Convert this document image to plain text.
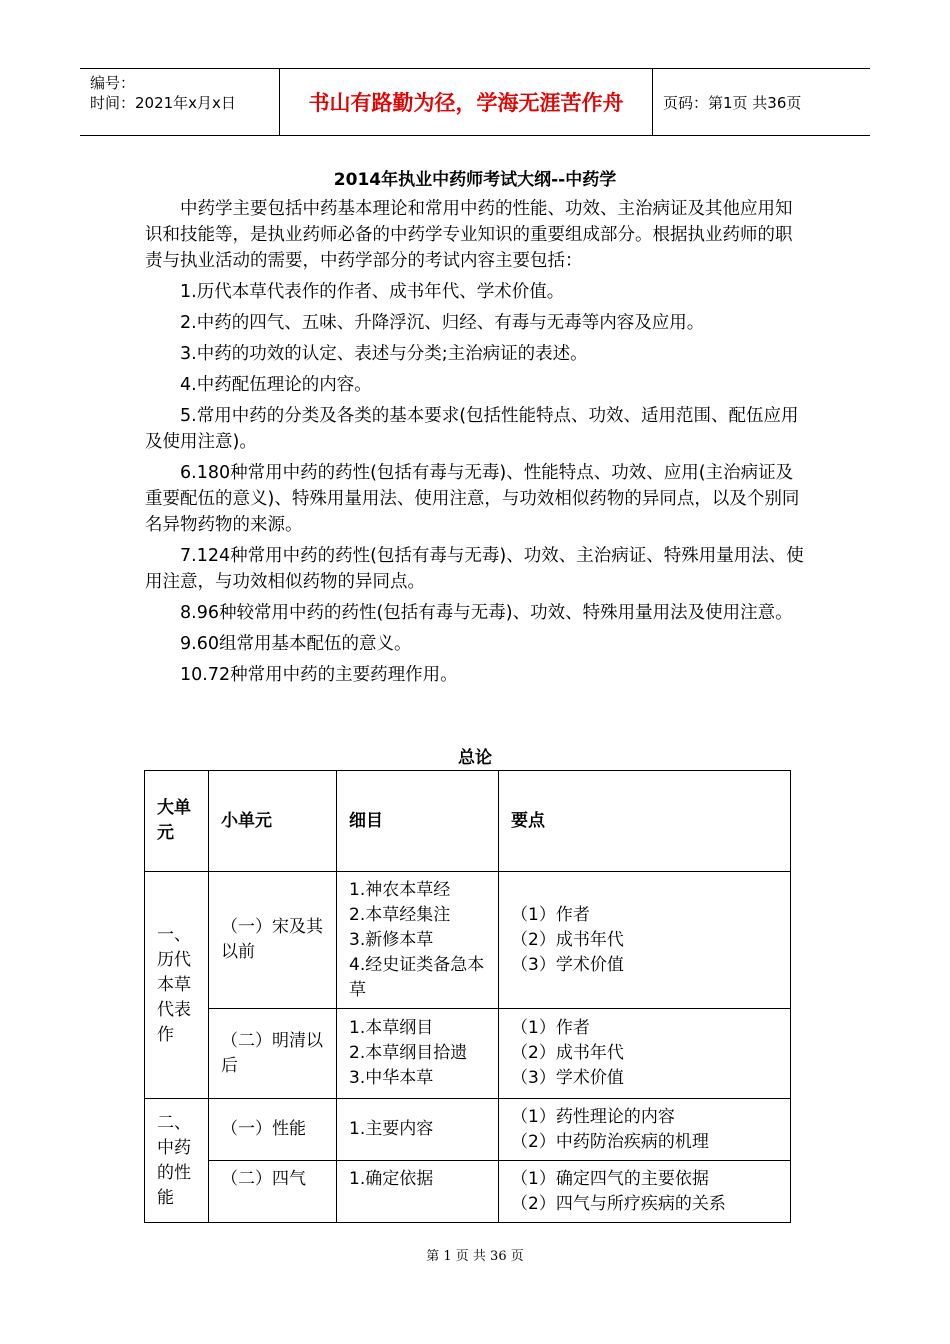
编号：
时间：2021年x月x日	书山有路勤为径，学海无涯苦作舟	页码：第1页 共36页
2014年执业中药师考试大纲--中药学

中药学主要包括中药基本理论和常用中药的性能、功效、主治病证及其他应用知识和技能等，是执业药师必备的中药学专业知识的重要组成部分。根据执业药师的职责与执业活动的需要，中药学部分的考试内容主要包括：

1.历代本草代表作的作者、成书年代、学术价值。

2.中药的四气、五味、升降浮沉、归经、有毒与无毒等内容及应用。

3.中药的功效的认定、表述与分类;主治病证的表述。

4.中药配伍理论的内容。

5.常用中药的分类及各类的基本要求(包括性能特点、功效、适用范围、配伍应用及使用注意)。

6.180种常用中药的药性(包括有毒与无毒)、性能特点、功效、应用(主治病证及重要配伍的意义)、特殊用量用法、使用注意，与功效相似药物的异同点，以及个别同名异物药物的来源。

7.124种常用中药的药性(包括有毒与无毒)、功效、主治病证、特殊用量用法、使用注意，与功效相似药物的异同点。

8.96种较常用中药的药性(包括有毒与无毒)、功效、特殊用量用法及使用注意。

9.60组常用基本配伍的意义。

10.72种常用中药的主要药理作用。

总论
大单元	小单元	细目	要点
一、历代本草代表作	（一）宋及其以前	1.神农本草经
2.本草经集注
3.新修本草
4.经史证类备急本草	（1）作者
（2）成书年代
（3）学术价值

	（二）明清以后	1.本草纲目
2.本草纲目拾遗
3.中华本草	（1）作者
（2）成书年代
（3）学术价值

二、中药的性能	（一）性能	1.主要内容	（1）药性理论的内容
（2）中药防治疾病的机理

	（二）四气	1.确定依据	（1）确定四气的主要依据
（2）四气与所疗疾病的关系
第 1 页 共 36 页
